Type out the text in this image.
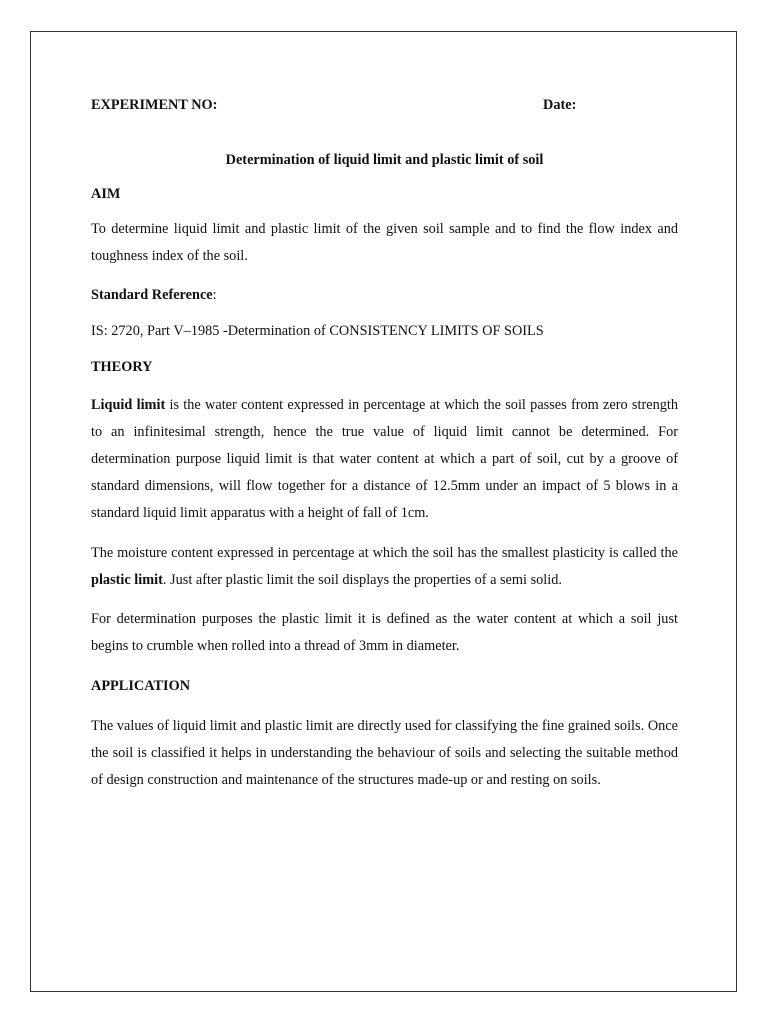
EXPERIMENT NO:	Date:
Determination of liquid limit and plastic limit of soil
AIM

To determine liquid limit and plastic limit of the given soil sample and to find the flow index and toughness index of the soil.

Standard Reference:
IS: 2720, Part V–1985 -Determination of CONSISTENCY LIMITS OF SOILS
THEORY

Liquid limit is the water content expressed in percentage at which the soil passes from zero strength to an infinitesimal strength, hence the true value of liquid limit cannot be determined. For determination purpose liquid limit is that water content at which a part of soil, cut by a groove of standard dimensions, will flow together for a distance of 12.5mm under an impact of 5 blows in a standard liquid limit apparatus with a height of fall of 1cm.

The moisture content expressed in percentage at which the soil has the smallest plasticity is called the plastic limit. Just after plastic limit the soil displays the properties of a semi solid.

For determination purposes the plastic limit it is defined as the water content at which a soil just begins to crumble when rolled into a thread of 3mm in diameter.

APPLICATION

The values of liquid limit and plastic limit are directly used for classifying the fine grained soils. Once the soil is classified it helps in understanding the behaviour of soils and selecting the suitable method of design construction and maintenance of the structures made-up or and resting on soils.
